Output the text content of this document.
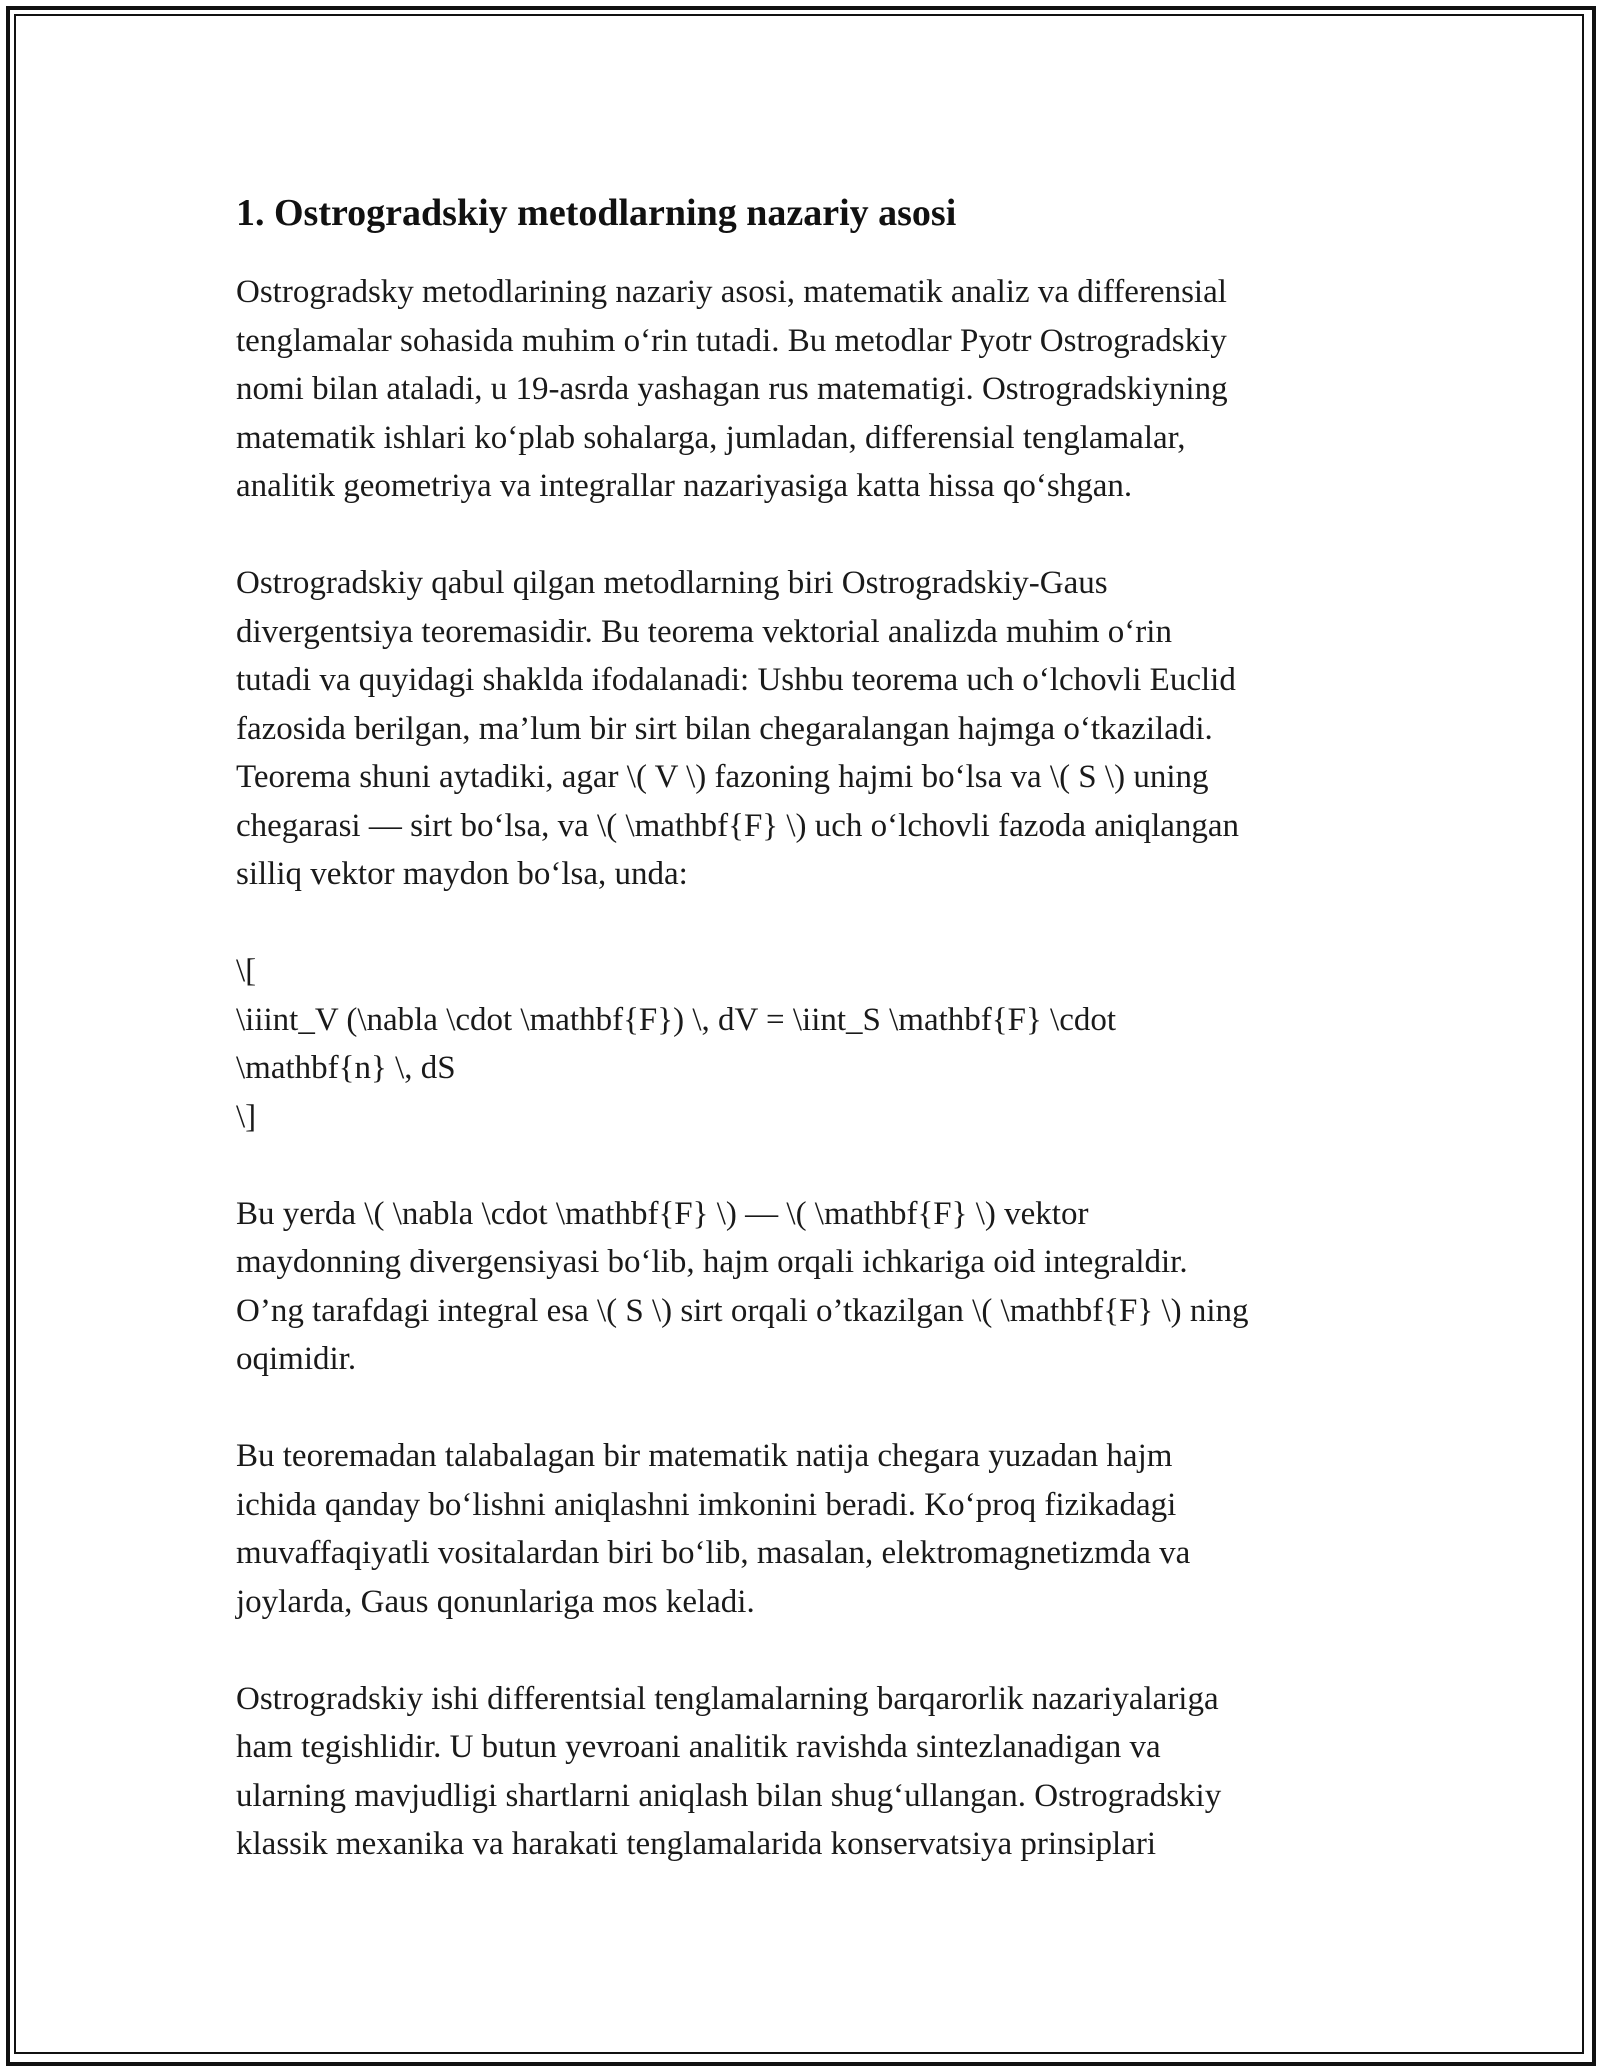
1. Ostrogradskiy metodlarning nazariy asosi

Ostrogradsky metodlarining nazariy asosi, matematik analiz va differensial
tenglamalar sohasida muhim o‘rin tutadi. Bu metodlar Pyotr Ostrogradskiy
nomi bilan ataladi, u 19-asrda yashagan rus matematigi. Ostrogradskiyning
matematik ishlari ko‘plab sohalarga, jumladan, differensial tenglamalar,
analitik geometriya va integrallar nazariyasiga katta hissa qo‘shgan.

Ostrogradskiy qabul qilgan metodlarning biri Ostrogradskiy-Gaus
divergentsiya teoremasidir. Bu teorema vektorial analizda muhim o‘rin
tutadi va quyidagi shakldа ifodalanadi: Ushbu teorema uch o‘lchovli Euclid
fazosida berilgan, ma’lum bir sirt bilan chegaralangan hajmga o‘tkaziladi.
Teorema shuni aytadiki, agar \( V \) fazoning hajmi bo‘lsa va \( S \) uning
chegarasi — sirt bo‘lsa, va \( \mathbf{F} \) uch o‘lchovli fazoda aniqlangan
silliq vektor maydon bo‘lsa, unda:

\[
\iiint_V (\nabla \cdot \mathbf{F}) \, dV = \iint_S \mathbf{F} \cdot
\mathbf{n} \, dS
\]

Bu yerda \( \nabla \cdot \mathbf{F} \) — \( \mathbf{F} \) vektor
maydonning divergensiyasi bo‘lib, hajm orqali ichkariga oid integraldir.
O’ng tarafdagi integral esa \( S \) sirt orqali o’tkazilgan \( \mathbf{F} \) ning
oqimidir.

Bu teoremadan talabalagan bir matematik natija chegara yuzadan hajm
ichida qanday bo‘lishni aniqlashni imkonini beradi. Ko‘proq fizikadagi
muvaffaqiyatli vositalardan biri bo‘lib, masalan, elektromagnetizmda va
joylarda, Gaus qonunlariga mos keladi.

Ostrogradskiy ishi differentsial tenglamalarning barqarorlik nazariyalariga
ham tegishlidir. U butun yevroani analitik ravishda sintezlanadigan va
ularning mavjudligi shartlarni aniqlash bilan shug‘ullangan. Ostrogradskiy
klassik mexanika va harakati tenglamalarida konservatsiya prinsiplari
